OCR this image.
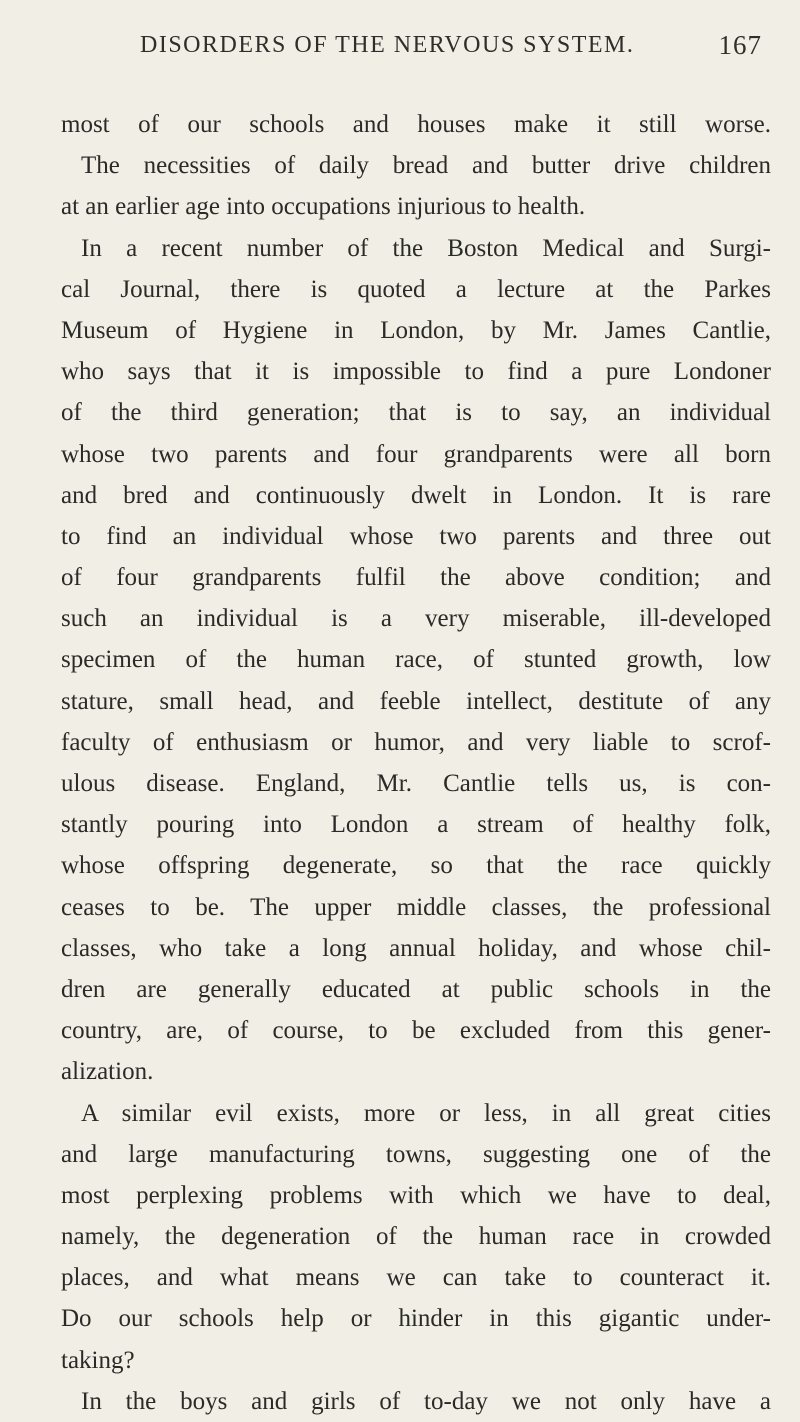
DISORDERS OF THE NERVOUS SYSTEM.	167
most of our schools and houses make it still worse.
The necessities of daily bread and butter drive children
at an earlier age into occupations injurious to health.
In a recent number of the Boston Medical and Surgi-
cal Journal, there is quoted a lecture at the Parkes
Museum of Hygiene in London, by Mr. James Cantlie,
who says that it is impossible to find a pure Londoner
of the third generation; that is to say, an individual
whose two parents and four grandparents were all born
and bred and continuously dwelt in London. It is rare
to find an individual whose two parents and three out
of four grandparents fulfil the above condition; and
such an individual is a very miserable, ill-developed
specimen of the human race, of stunted growth, low
stature, small head, and feeble intellect, destitute of any
faculty of enthusiasm or humor, and very liable to scrof-
ulous disease. England, Mr. Cantlie tells us, is con-
stantly pouring into London a stream of healthy folk,
whose offspring degenerate, so that the race quickly
ceases to be. The upper middle classes, the professional
classes, who take a long annual holiday, and whose chil-
dren are generally educated at public schools in the
country, are, of course, to be excluded from this gener-
alization.
A similar evil exists, more or less, in all great cities
and large manufacturing towns, suggesting one of the
most perplexing problems with which we have to deal,
namely, the degeneration of the human race in crowded
places, and what means we can take to counteract it.
Do our schools help or hinder in this gigantic under-
taking?
In the boys and girls of to-day we not only have a
